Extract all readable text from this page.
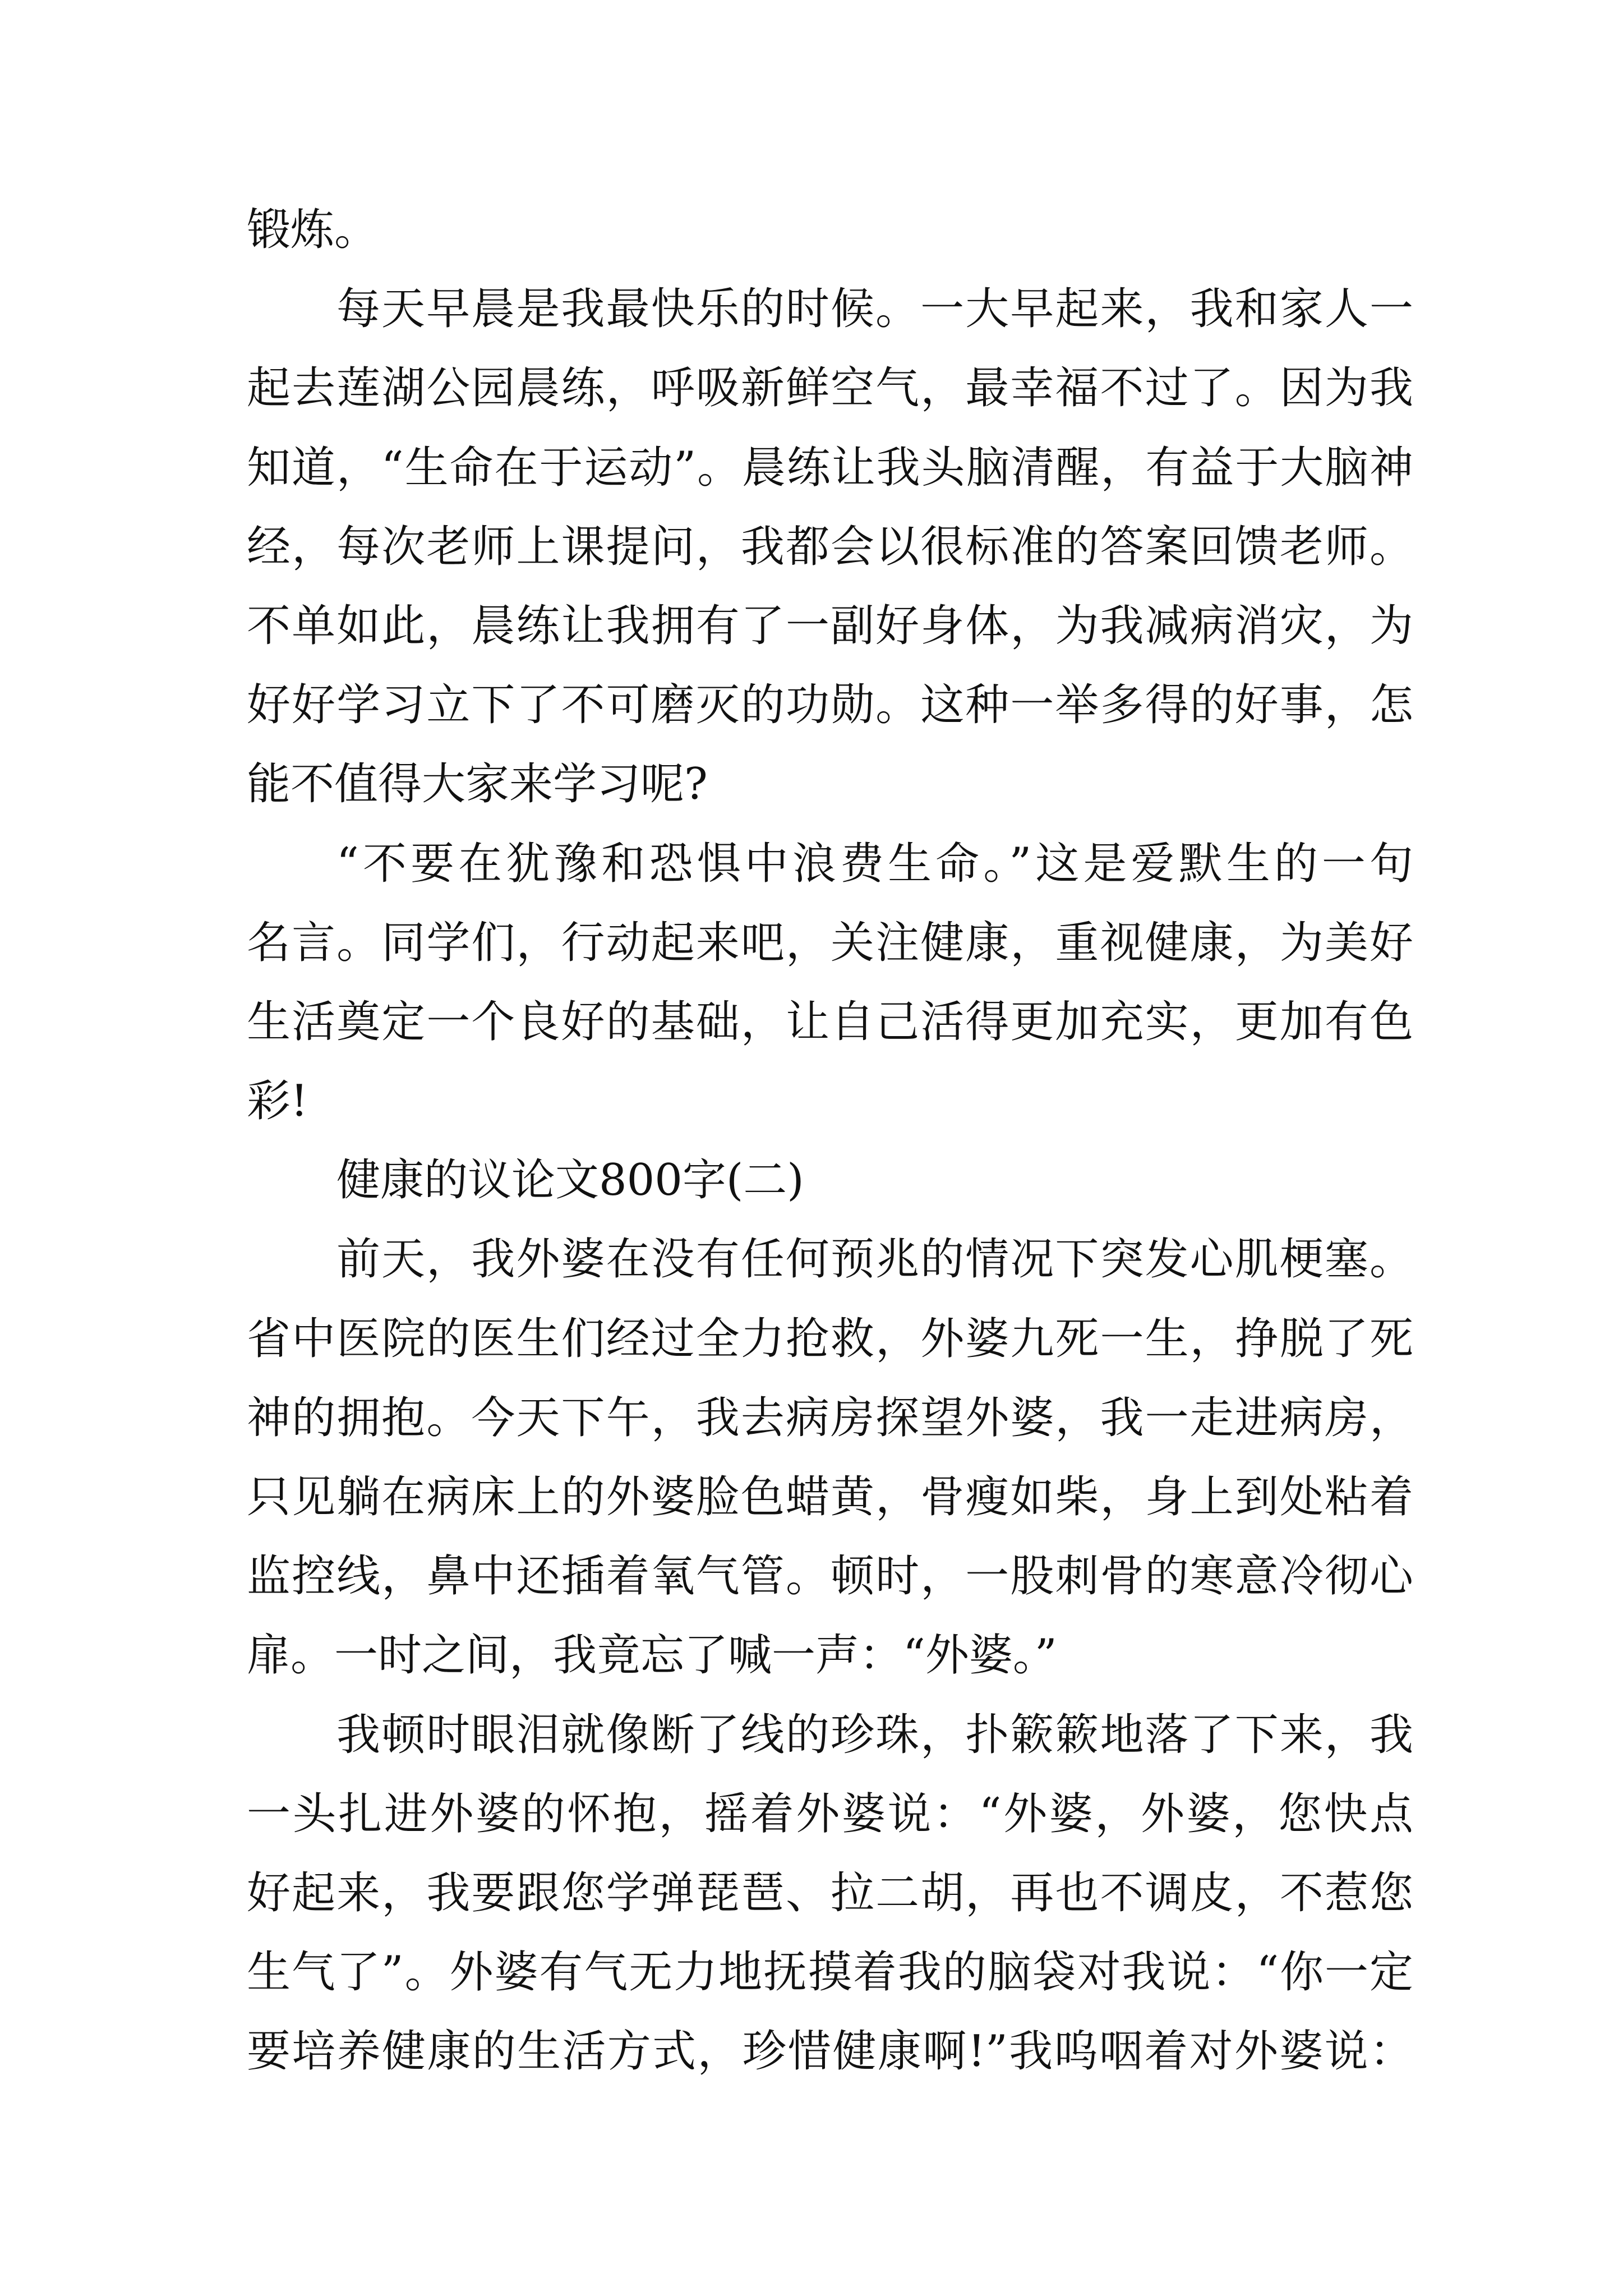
锻炼。
每天早晨是我最快乐的时候。一大早起来，我和家人一
起去莲湖公园晨练，呼吸新鲜空气，最幸福不过了。因为我
知道，“生命在于运动”。晨练让我头脑清醒，有益于大脑神
经，每次老师上课提问，我都会以很标准的答案回馈老师。
不单如此，晨练让我拥有了一副好身体，为我减病消灾，为
好好学习立下了不可磨灭的功勋。这种一举多得的好事，怎
能不值得大家来学习呢?
“不要在犹豫和恐惧中浪费生命。”这是爱默生的一句
名言。同学们，行动起来吧，关注健康，重视健康，为美好
生活奠定一个良好的基础，让自己活得更加充实，更加有色
彩!
健康的议论文800字(二)
前天，我外婆在没有任何预兆的情况下突发心肌梗塞。
省中医院的医生们经过全力抢救，外婆九死一生，挣脱了死
神的拥抱。今天下午，我去病房探望外婆，我一走进病房，
只见躺在病床上的外婆脸色蜡黄，骨瘦如柴，身上到处粘着
监控线，鼻中还插着氧气管。顿时，一股刺骨的寒意冷彻心
扉。一时之间，我竟忘了喊一声：“外婆。”
我顿时眼泪就像断了线的珍珠，扑簌簌地落了下来，我
一头扎进外婆的怀抱，摇着外婆说：“外婆，外婆，您快点
好起来，我要跟您学弹琵琶、拉二胡，再也不调皮，不惹您
生气了”。外婆有气无力地抚摸着我的脑袋对我说：“你一定
要培养健康的生活方式，珍惜健康啊!”我呜咽着对外婆说：
